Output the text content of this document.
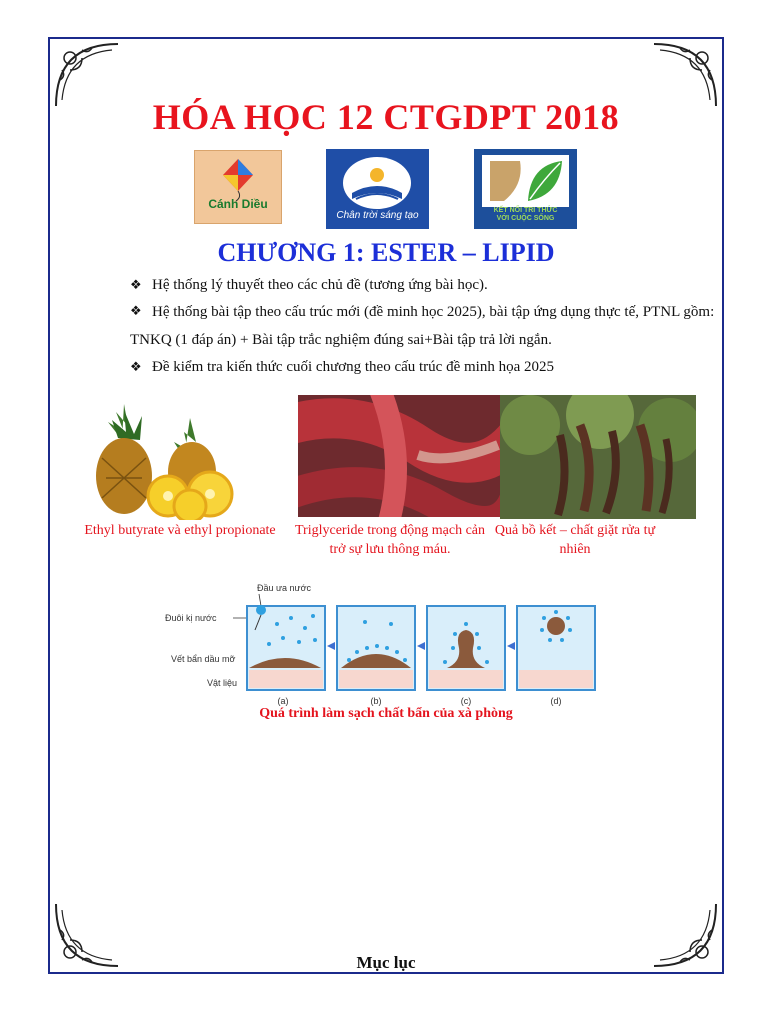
HÓA HỌC 12 CTGDPT 2018
Cánh Diều
Chân trời sáng tạo	KẾT NỐI TRI THỨC
VỚI CUỘC SỐNG
CHƯƠNG 1: ESTER – LIPID
❖ Hệ thống lý thuyết theo các chủ đề (tương ứng bài học).
❖ Hệ thống bài tập theo cấu trúc mới (đề minh học 2025), bài tập ứng dụng thực tế, PTNL gồm: TNKQ (1 đáp án) + Bài tập trắc nghiệm đúng sai+Bài tập trả lời ngắn.
❖ Đề kiểm tra kiến thức cuối chương theo cấu trúc đề minh họa 2025
Ethyl butyrate và ethyl propionate	Triglyceride trong động mạch cản trở sự lưu thông máu.
Quả bồ kết – chất giặt rửa tự nhiên
Đầu ưa nước
Đuôi kị nước
Vết bẩn dầu mỡ
Vật liệu
(a)	(b)	(c)	(d)
Quá trình làm sạch chất bẩn của xà phòng
Mục lục
